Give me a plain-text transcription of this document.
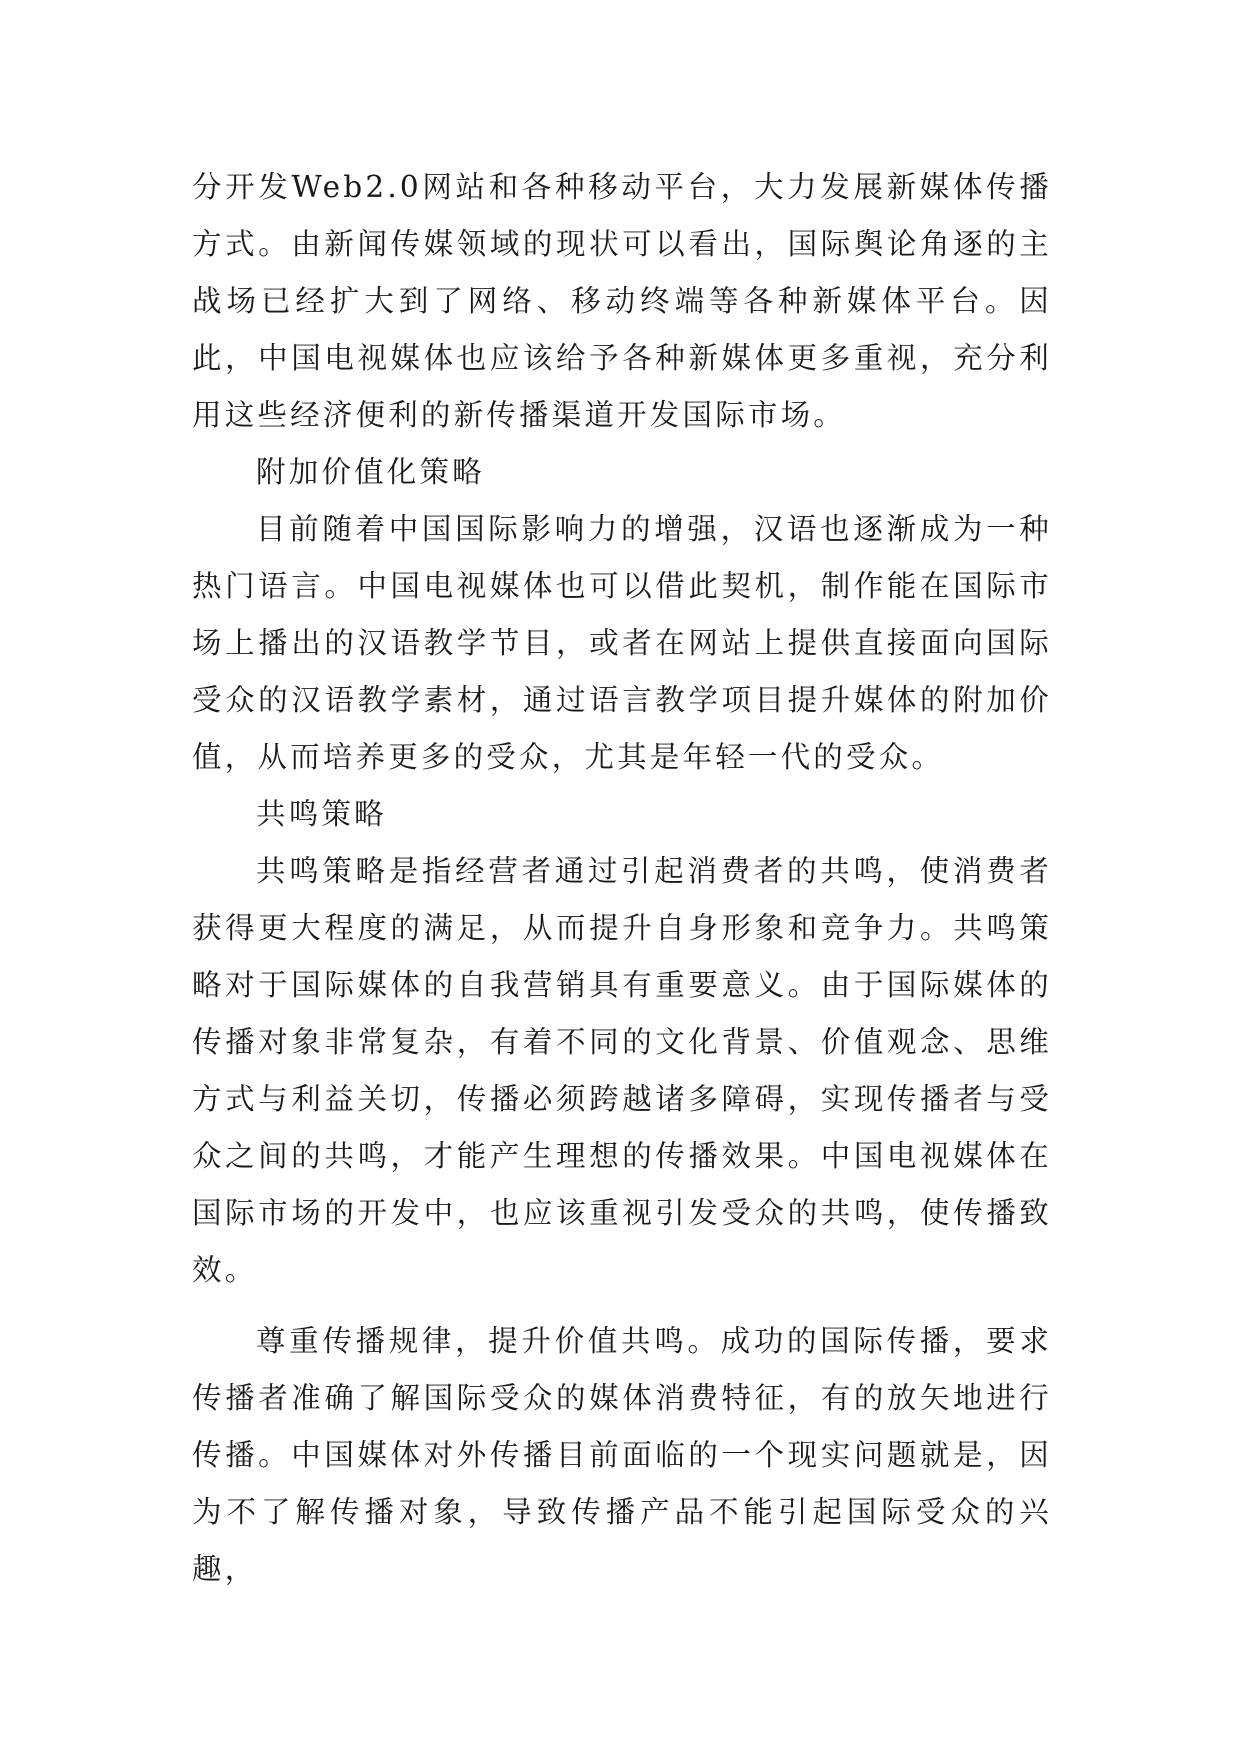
分开发Web2.0网站和各种移动平台，大力发展新媒体传播方式。由新闻传媒领域的现状可以看出，国际舆论角逐的主战场已经扩大到了网络、移动终端等各种新媒体平台。因此，中国电视媒体也应该给予各种新媒体更多重视，充分利用这些经济便利的新传播渠道开发国际市场。

附加价值化策略

目前随着中国国际影响力的增强，汉语也逐渐成为一种热门语言。中国电视媒体也可以借此契机，制作能在国际市场上播出的汉语教学节目，或者在网站上提供直接面向国际受众的汉语教学素材，通过语言教学项目提升媒体的附加价值，从而培养更多的受众，尤其是年轻一代的受众。

共鸣策略

共鸣策略是指经营者通过引起消费者的共鸣，使消费者获得更大程度的满足，从而提升自身形象和竞争力。共鸣策略对于国际媒体的自我营销具有重要意义。由于国际媒体的传播对象非常复杂，有着不同的文化背景、价值观念、思维方式与利益关切，传播必须跨越诸多障碍，实现传播者与受众之间的共鸣，才能产生理想的传播效果。中国电视媒体在国际市场的开发中，也应该重视引发受众的共鸣，使传播致效。

尊重传播规律，提升价值共鸣。成功的国际传播，要求传播者准确了解国际受众的媒体消费特征，有的放矢地进行传播。中国媒体对外传播目前面临的一个现实问题就是，因为不了解传播对象，导致传播产品不能引起国际受众的兴趣，
